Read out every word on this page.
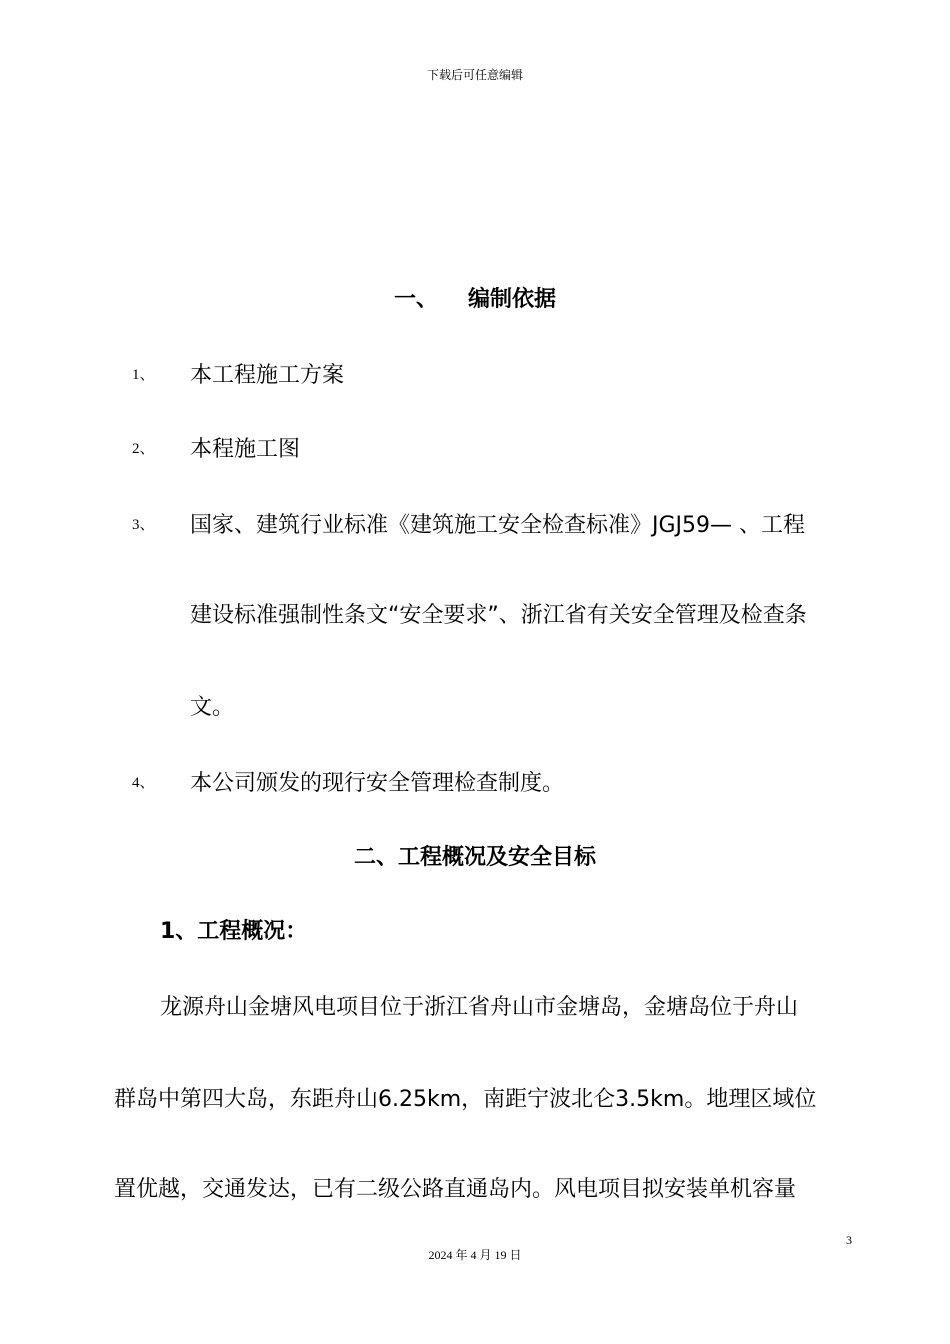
下载后可任意编辑
一、 编制依据
1、 本工程施工方案
2、 本程施工图
3、 国家、建筑行业标准《建筑施工安全检查标准》JGJ59— 、工程
建设标准强制性条文“安全要求”、浙江省有关安全管理及检查条
文。
4、 本公司颁发的现行安全管理检查制度。
二、工程概况及安全目标
1、工程概况：
龙源舟山金塘风电项目位于浙江省舟山市金塘岛，金塘岛位于舟山
群岛中第四大岛，东距舟山6.25km，南距宁波北仑3.5km。地理区域位
置优越，交通发达，已有二级公路直通岛内。风电项目拟安装单机容量
3
2024 年 4 月 19 日
